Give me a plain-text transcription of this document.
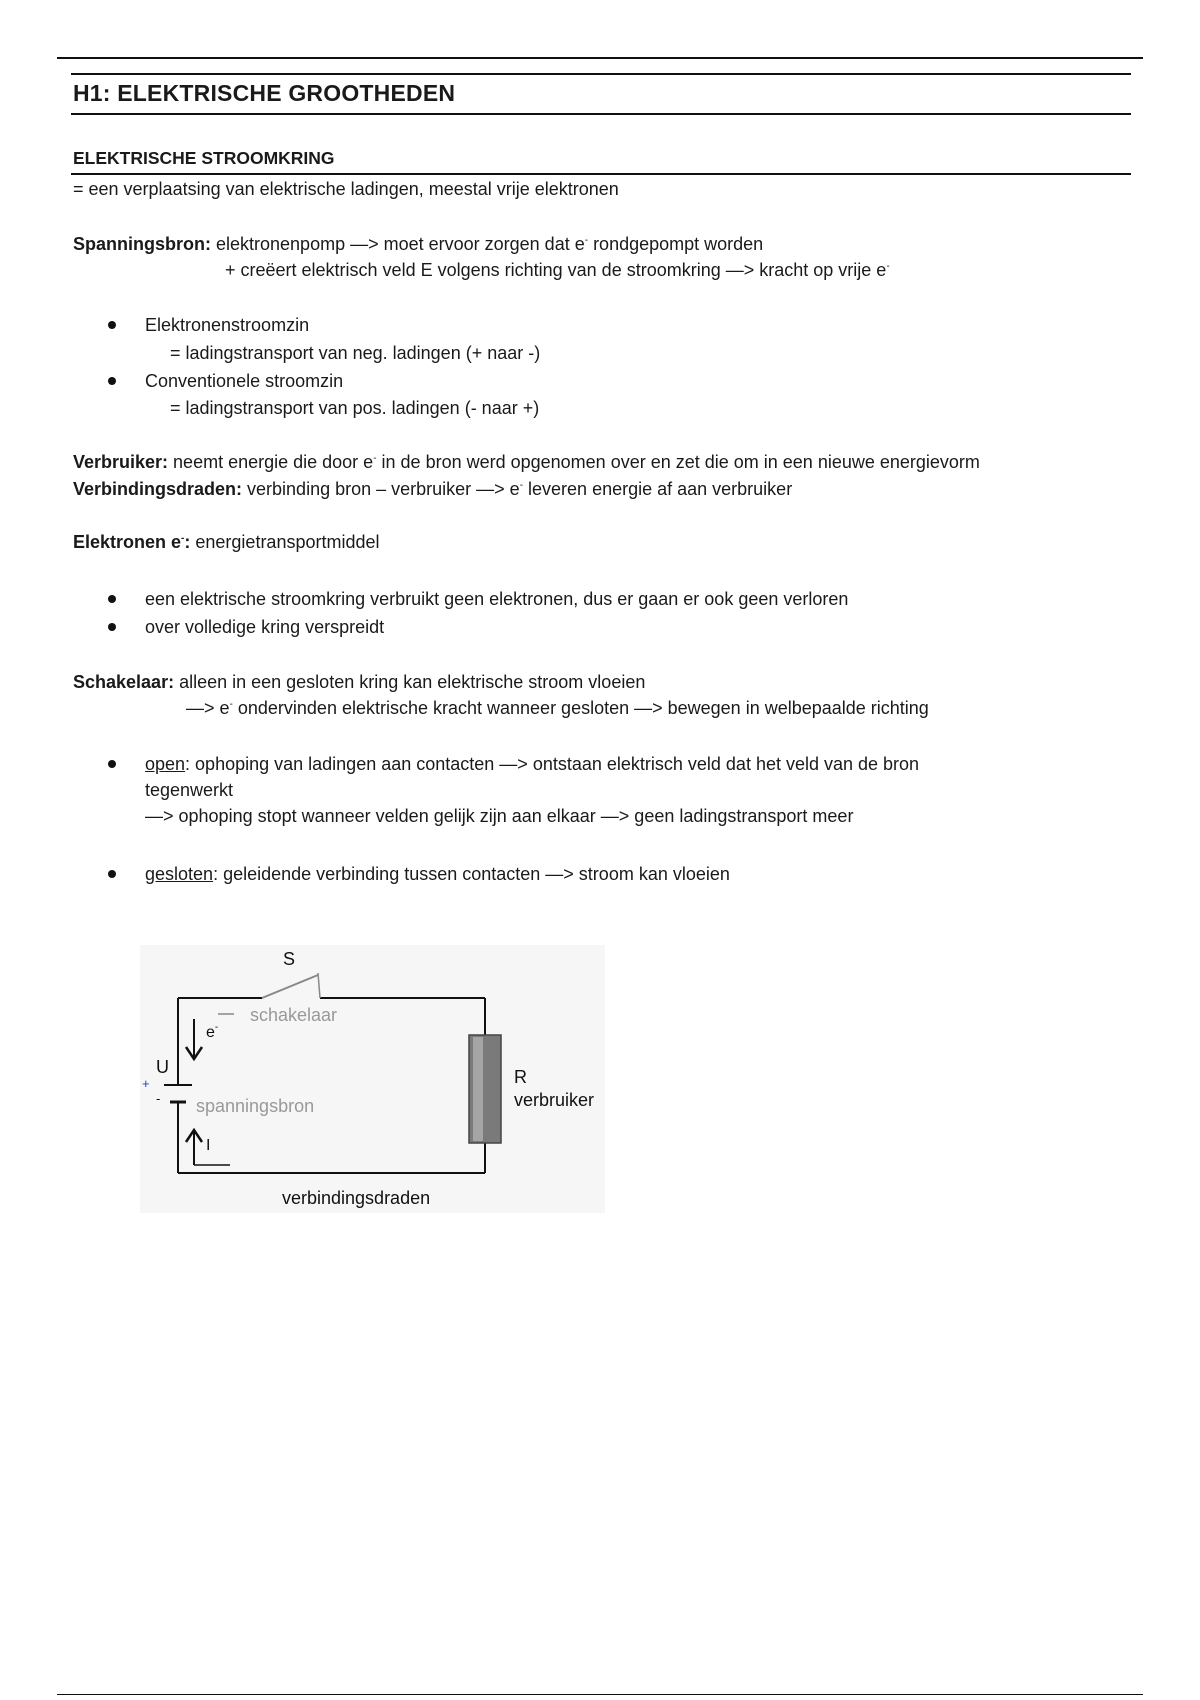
H1: ELEKTRISCHE GROOTHEDEN
ELEKTRISCHE STROOMKRING
= een verplaatsing van elektrische ladingen, meestal vrije elektronen
Spanningsbron: elektronenpomp —> moet ervoor zorgen dat e- rondgepompt worden
+ creëert elektrisch veld E volgens richting van de stroomkring —> kracht op vrije e-
Elektronenstroomzin
= ladingstransport van neg. ladingen (+ naar -)
Conventionele stroomzin
= ladingstransport van pos. ladingen (- naar +)
Verbruiker: neemt energie die door e- in de bron werd opgenomen over en zet die om in een nieuwe energievorm
Verbindingsdraden: verbinding bron – verbruiker —> e- leveren energie af aan verbruiker
Elektronen e-: energietransportmiddel
een elektrische stroomkring verbruikt geen elektronen, dus er gaan er ook geen verloren
over volledige kring verspreidt
Schakelaar: alleen in een gesloten kring kan elektrische stroom vloeien
—> e- ondervinden elektrische kracht wanneer gesloten —> bewegen in welbepaalde richting
open: ophoping van ladingen aan contacten —> ontstaan elektrisch veld dat het veld van de bron
tegenwerkt
—> ophoping stopt wanneer velden gelijk zijn aan elkaar —> geen ladingstransport meer
gesloten: geleidende verbinding tussen contacten —> stroom kan vloeien
S
schakelaar
U
+
- spanningsbron
e-
I
R
verbruiker
verbindingsdraden
